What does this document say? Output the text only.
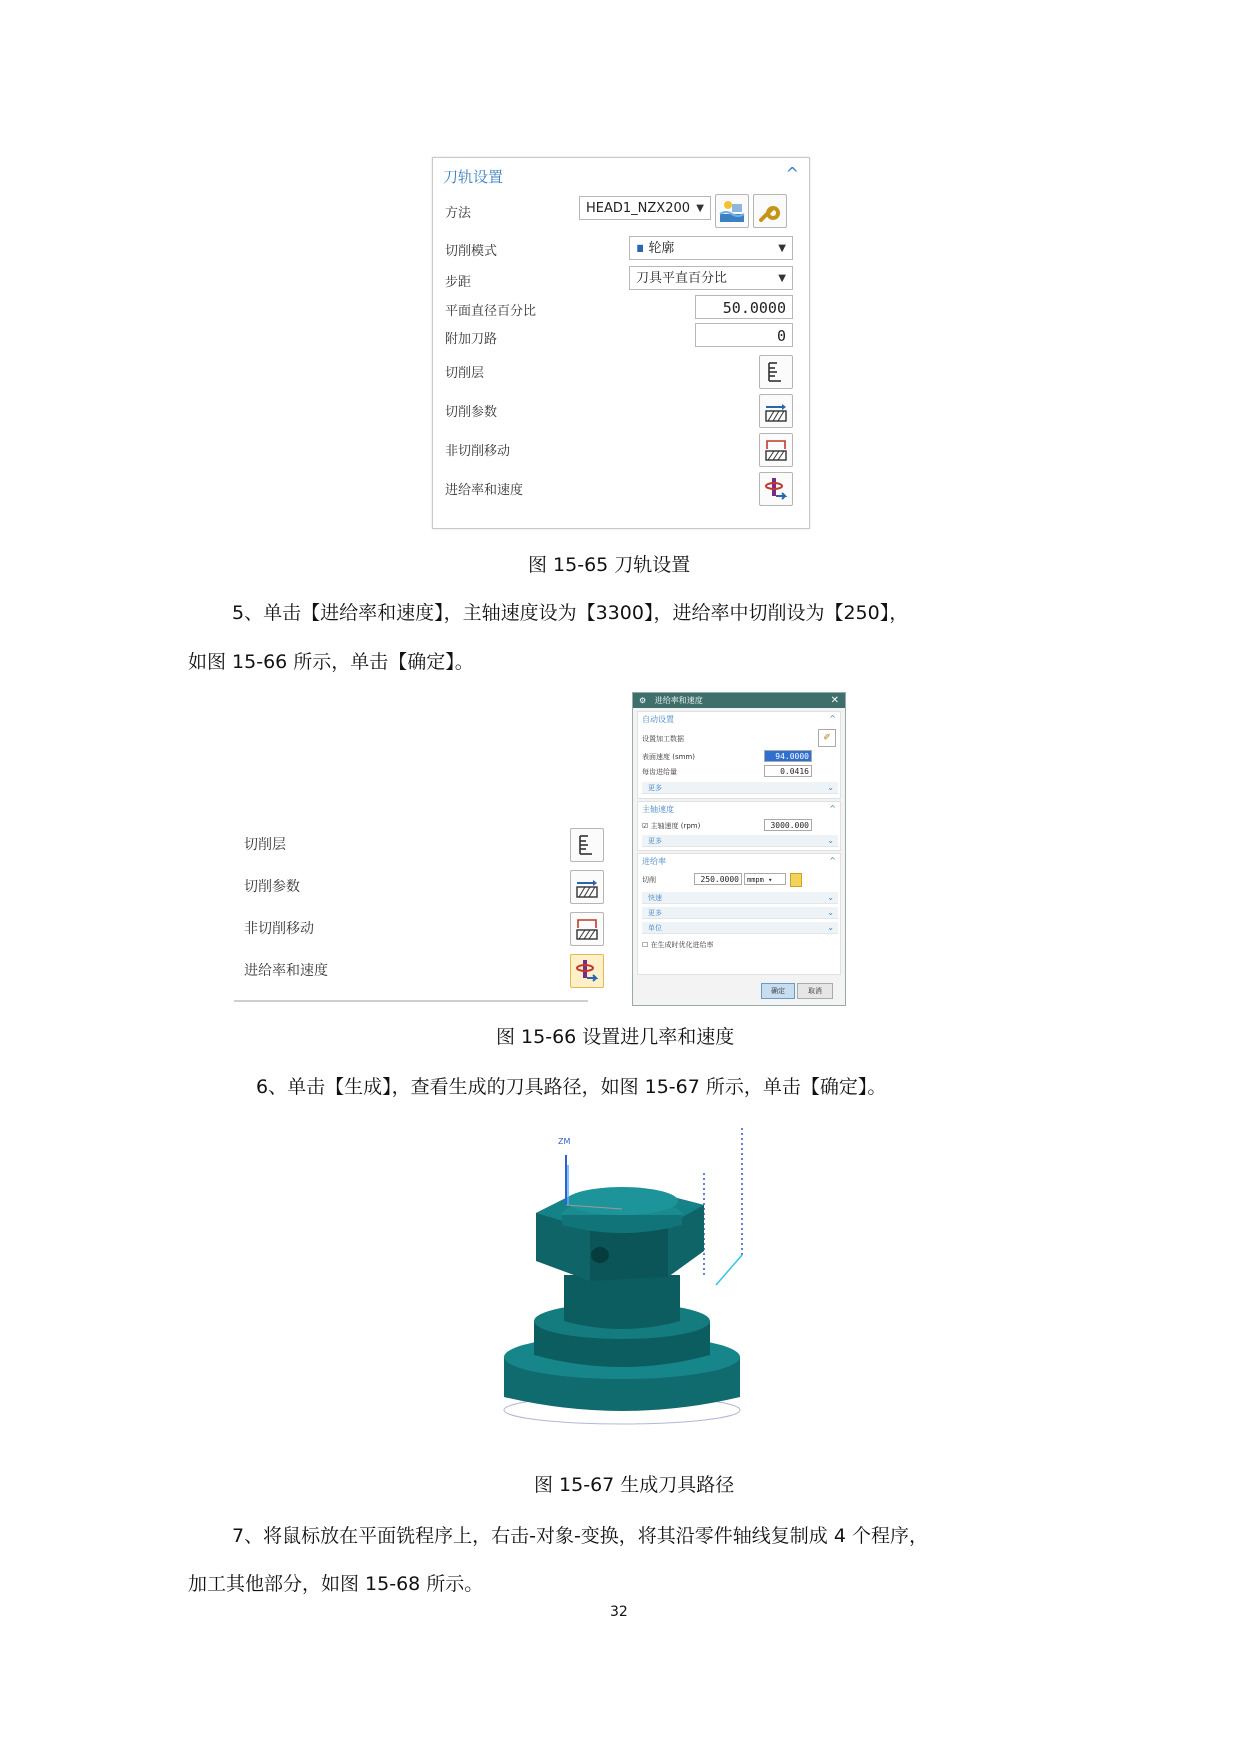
刀轨设置	^
方法	HEAD1_NZX200 ▼
切削模式	∎ 轮廓	▼
步距	刀具平直百分比	▼
平面直径百分比	50.0000
附加刀路	0
切削层
切削参数
非切削移动
进给率和速度
图 15-65 刀轨设置
5、单击【进给率和速度】，主轴速度设为【3300】，进给率中切削设为【250】，
如图 15-66 所示，单击【确定】。
切削层
切削参数
非切削移动
进给率和速度
⚙ 进给率和速度	✕
自动设置	^
设置加工数据	✐
表面速度 (smm)	94.0000
每齿进给量	0.0416
更多	⌄
主轴速度	^
☑ 主轴速度 (rpm)	3000.000
更多	⌄
进给率	^
切削	250.0000	mmpm ▾
快速	⌄
更多	⌄
单位	⌄
☐ 在生成时优化进给率
确定	取消
图 15-66 设置进几率和速度
6、单击【生成】，查看生成的刀具路径，如图 15-67 所示，单击【确定】。
ZM
图 15-67 生成刀具路径
7、将鼠标放在平面铣程序上，右击-对象-变换，将其沿零件轴线复制成 4 个程序，
加工其他部分，如图 15-68 所示。
32
